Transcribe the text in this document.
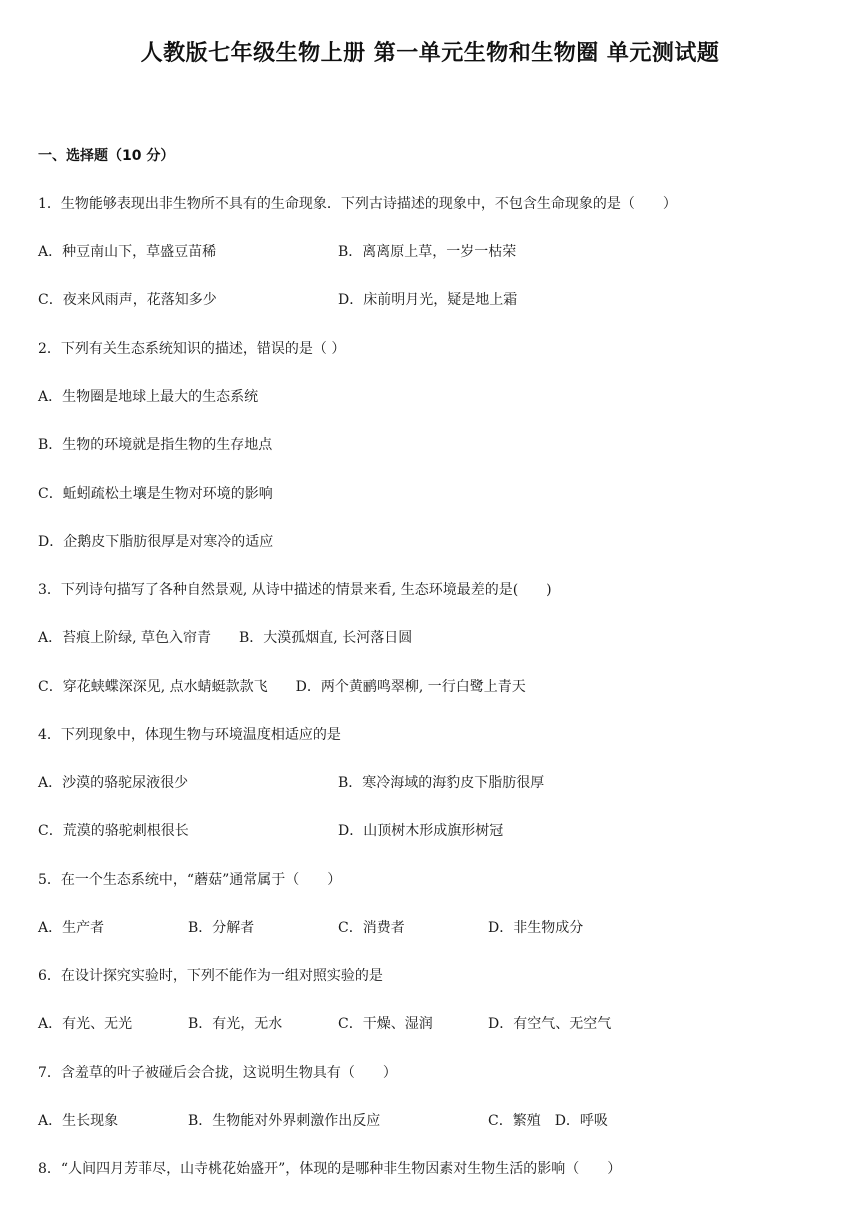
人教版七年级生物上册 第一单元生物和生物圈 单元测试题
一、选择题（10 分）
1．生物能够表现出非生物所不具有的生命现象．下列古诗描述的现象中，不包含生命现象的是（　　）
A．种豆南山下，草盛豆苗稀	B．离离原上草，一岁一枯荣
C．夜来风雨声，花落知多少	D．床前明月光，疑是地上霜
2．下列有关生态系统知识的描述，错误的是（ ）
A．生物圈是地球上最大的生态系统
B．生物的环境就是指生物的生存地点
C．蚯蚓疏松土壤是生物对环境的影响
D．企鹅皮下脂肪很厚是对寒冷的适应
3．下列诗句描写了各种自然景观, 从诗中描述的情景来看, 生态环境最差的是(　　)
A．苔痕上阶绿, 草色入帘青　　B．大漠孤烟直, 长河落日圆
C．穿花蛱蝶深深见, 点水蜻蜓款款飞　　D．两个黄鹂鸣翠柳, 一行白鹭上青天
4．下列现象中，体现生物与环境温度相适应的是
A．沙漠的骆驼尿液很少	B．寒冷海域的海豹皮下脂肪很厚
C．荒漠的骆驼刺根很长	D．山顶树木形成旗形树冠
5．在一个生态系统中，“蘑菇”通常属于（　　）
A．生产者	B．分解者	C．消费者	D．非生物成分
6．在设计探究实验时，下列不能作为一组对照实验的是
A．有光、无光	B．有光，无水	C．干燥、湿润	D．有空气、无空气
7．含羞草的叶子被碰后会合拢，这说明生物具有（　　）
A．生长现象	B．生物能对外界刺激作出反应	C．繁殖　D．呼吸
8．“人间四月芳菲尽，山寺桃花始盛开”，体现的是哪种非生物因素对生物生活的影响（　　）
